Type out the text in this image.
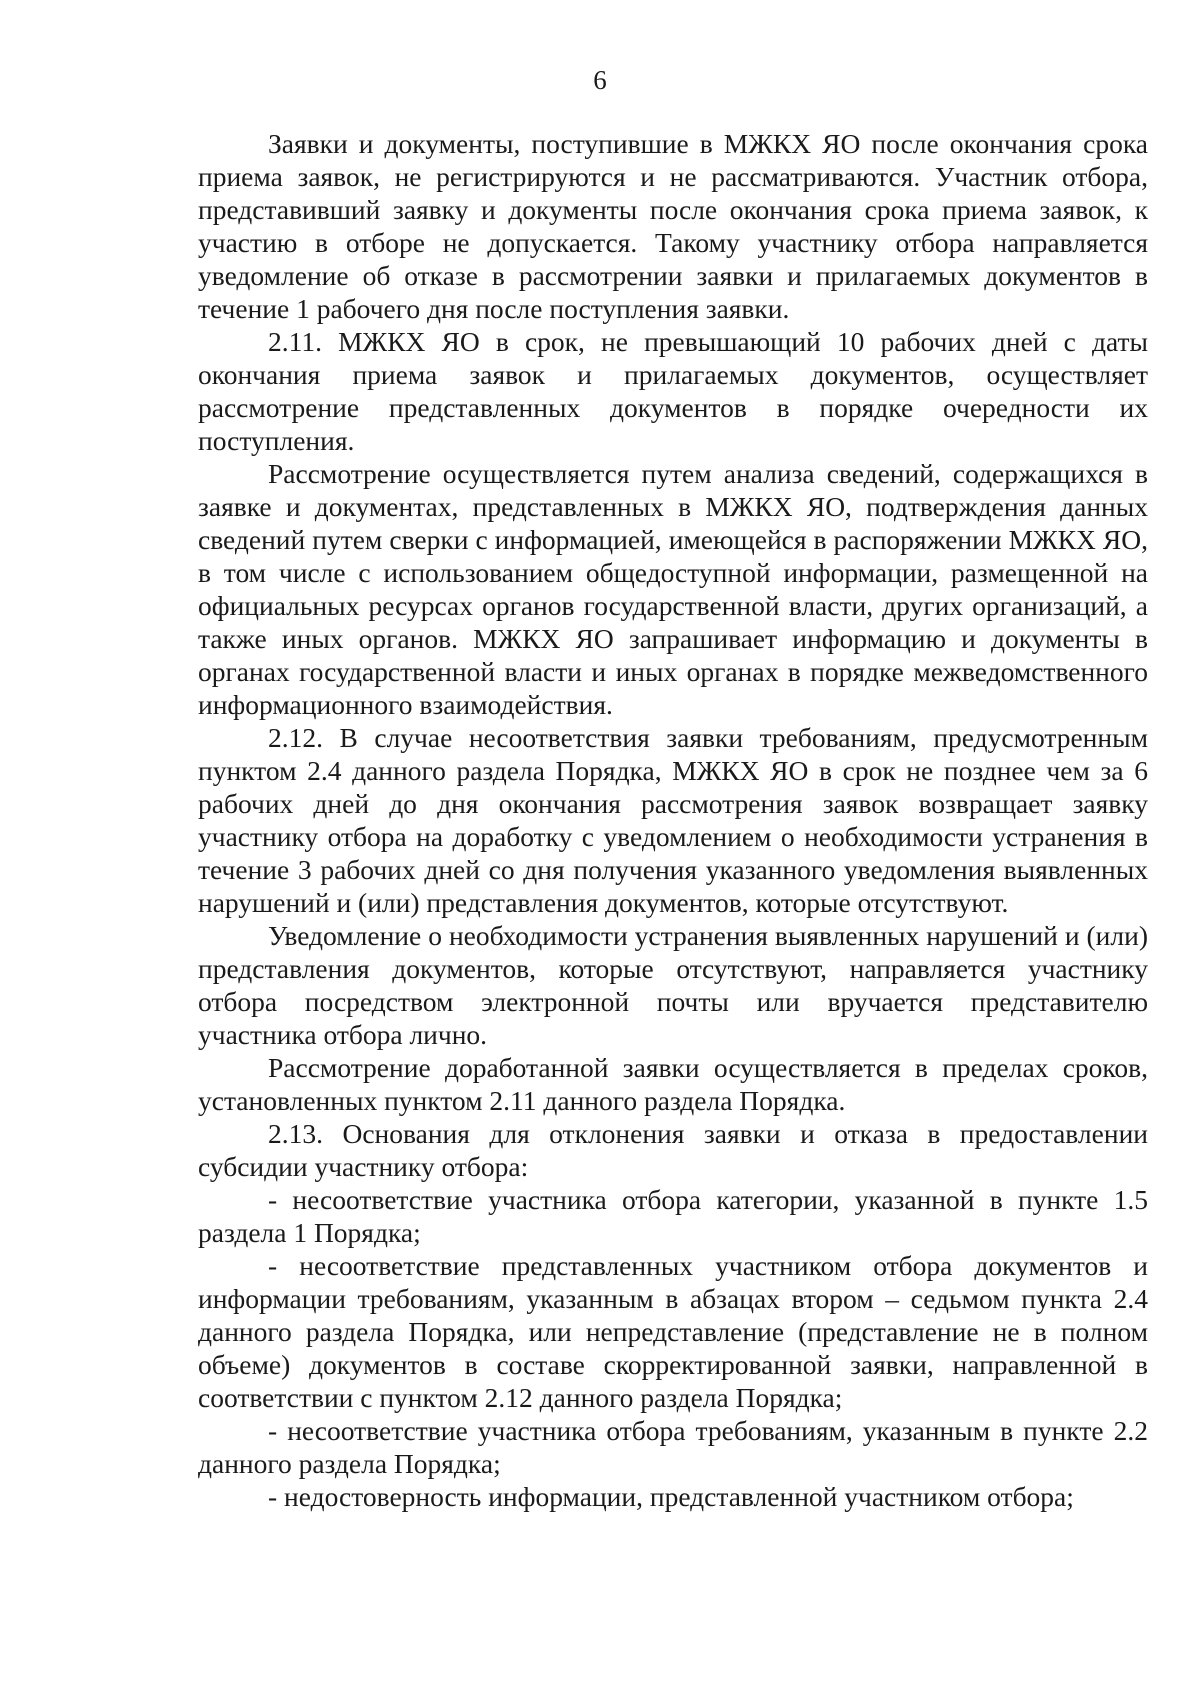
6

Заявки и документы, поступившие в МЖКХ ЯО после окончания срока приема заявок, не регистрируются и не рассматриваются. Участник отбора, представивший заявку и документы после окончания срока приема заявок, к участию в отборе не допускается. Такому участнику отбора направляется уведомление об отказе в рассмотрении заявки и прилагаемых документов в течение 1 рабочего дня после поступления заявки.

2.11. МЖКХ ЯО в срок, не превышающий 10 рабочих дней с даты окончания приема заявок и прилагаемых документов, осуществляет рассмотрение представленных документов в порядке очередности их поступления.

Рассмотрение осуществляется путем анализа сведений, содержащихся в заявке и документах, представленных в МЖКХ ЯО, подтверждения данных сведений путем сверки с информацией, имеющейся в распоряжении МЖКХ ЯО, в том числе с использованием общедоступной информации, размещенной на официальных ресурсах органов государственной власти, других организаций, а также иных органов. МЖКХ ЯО запрашивает информацию и документы в органах государственной власти и иных органах в порядке межведомственного информационного взаимодействия.

2.12. В случае несоответствия заявки требованиям, предусмотренным пунктом 2.4 данного раздела Порядка, МЖКХ ЯО в срок не позднее чем за 6 рабочих дней до дня окончания рассмотрения заявок возвращает заявку участнику отбора на доработку с уведомлением о необходимости устранения в течение 3 рабочих дней со дня получения указанного уведомления выявленных нарушений и (или) представления документов, которые отсутствуют.

Уведомление о необходимости устранения выявленных нарушений и (или) представления документов, которые отсутствуют, направляется участнику отбора посредством электронной почты или вручается представителю участника отбора лично.

Рассмотрение доработанной заявки осуществляется в пределах сроков, установленных пунктом 2.11 данного раздела Порядка.

2.13. Основания для отклонения заявки и отказа в предоставлении субсидии участнику отбора:

- несоответствие участника отбора категории, указанной в пункте 1.5 раздела 1 Порядка;

- несоответствие представленных участником отбора документов и информации требованиям, указанным в абзацах втором – седьмом пункта 2.4 данного раздела Порядка, или непредставление (представление не в полном объеме) документов в составе скорректированной заявки, направленной в соответствии с пунктом 2.12 данного раздела Порядка;

- несоответствие участника отбора требованиям, указанным в пункте 2.2 данного раздела Порядка;

- недостоверность информации, представленной участником отбора;
